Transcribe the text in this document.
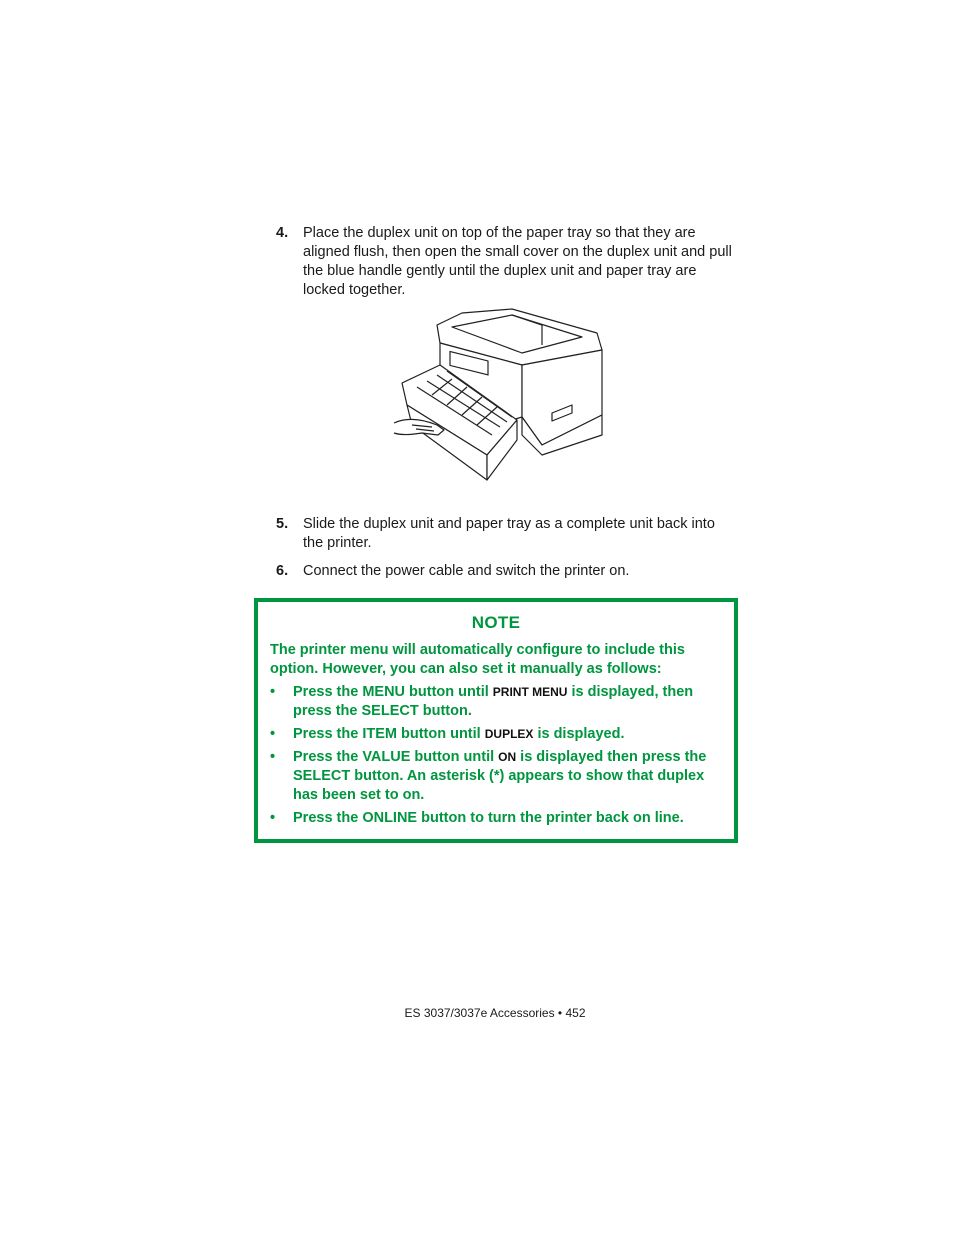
4. Place the duplex unit on top of the paper tray so that they are aligned flush, then open the small cover on the duplex unit and pull the blue handle gently until the duplex unit and paper tray are locked together.
5. Slide the duplex unit and paper tray as a complete unit back into the printer.
6. Connect the power cable and switch the printer on.
NOTE
The printer menu will automatically configure to include this option. However, you can also set it manually as follows:
• Press the MENU button until PRINT MENU is displayed, then press the SELECT button.
• Press the ITEM button until DUPLEX is displayed.
• Press the VALUE button until ON is displayed then press the SELECT button. An asterisk (*) appears to show that duplex has been set to on.
• Press the ONLINE button to turn the printer back on line.
ES 3037/3037e Accessories • 452
